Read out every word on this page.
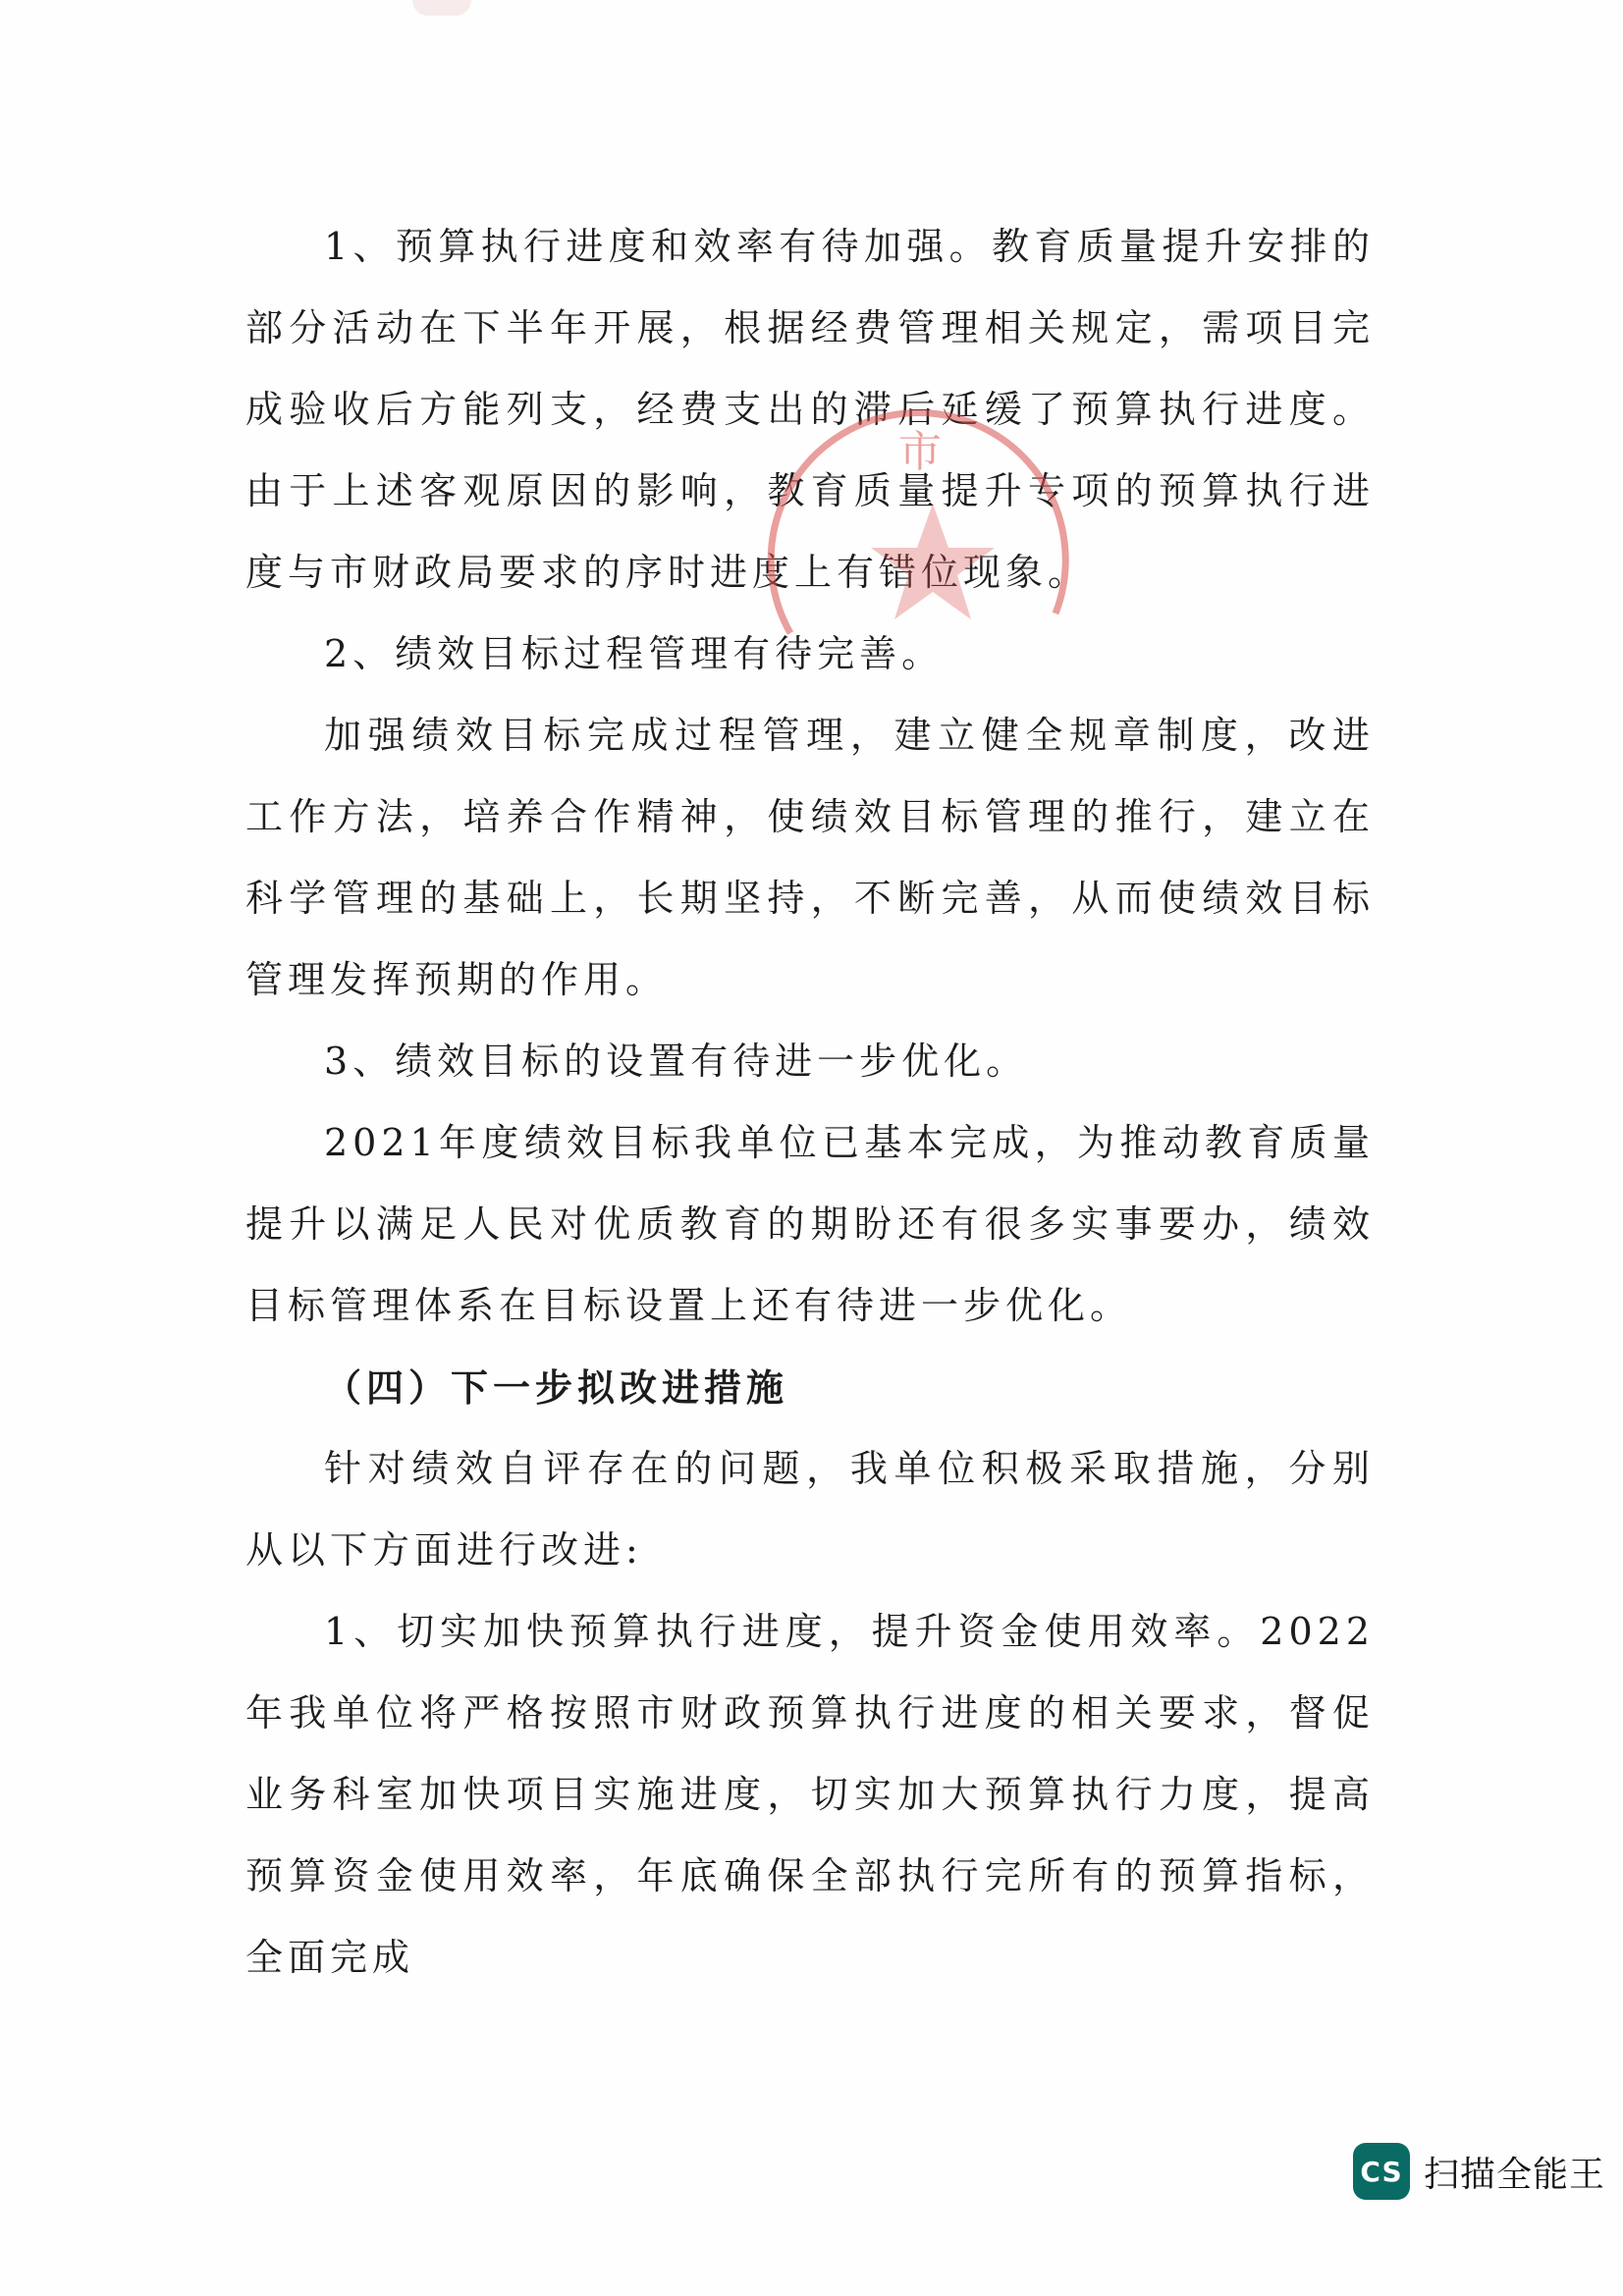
1、预算执行进度和效率有待加强。教育质量提升安排的部分活动在下半年开展，根据经费管理相关规定，需项目完成验收后方能列支，经费支出的滞后延缓了预算执行进度。由于上述客观原因的影响，教育质量提升专项的预算执行进度与市财政局要求的序时进度上有错位现象。

2、绩效目标过程管理有待完善。

加强绩效目标完成过程管理，建立健全规章制度，改进工作方法，培养合作精神，使绩效目标管理的推行，建立在科学管理的基础上，长期坚持，不断完善，从而使绩效目标管理发挥预期的作用。

3、绩效目标的设置有待进一步优化。

2021年度绩效目标我单位已基本完成，为推动教育质量提升以满足人民对优质教育的期盼还有很多实事要办，绩效目标管理体系在目标设置上还有待进一步优化。

（四）下一步拟改进措施

针对绩效自评存在的问题，我单位积极采取措施，分别从以下方面进行改进:

1、切实加快预算执行进度，提升资金使用效率。2022年我单位将严格按照市财政预算执行进度的相关要求，督促业务科室加快项目实施进度，切实加大预算执行力度，提高预算资金使用效率，年底确保全部执行完所有的预算指标，全面完成

市
CS 扫描全能王
